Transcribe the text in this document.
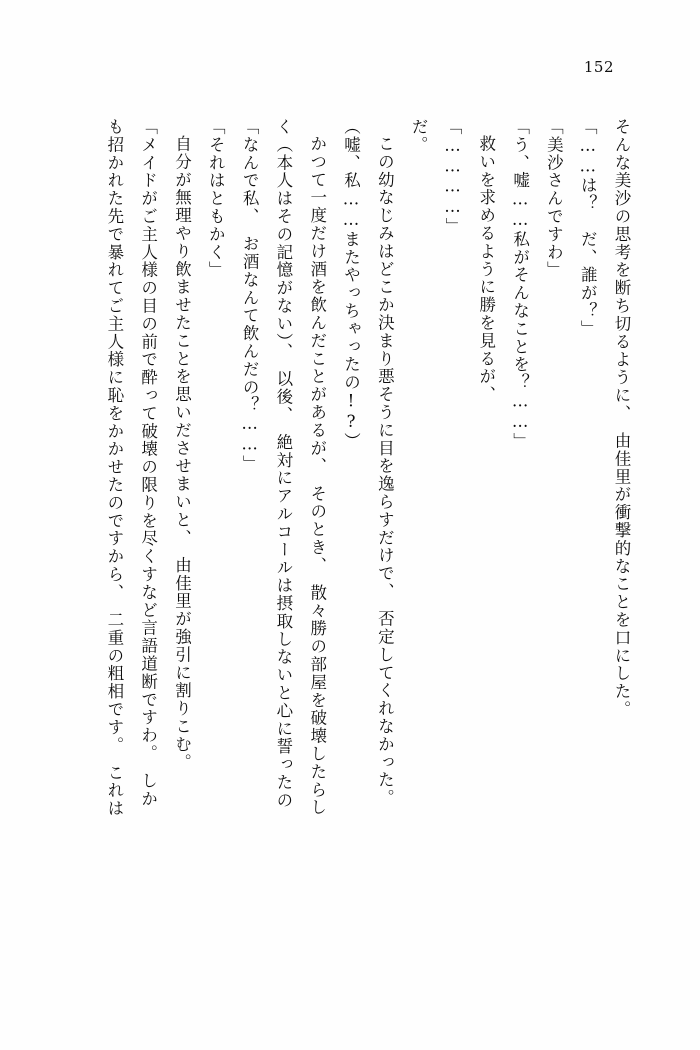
152
そんな美沙の思考を断ち切るように、　由佳里が衝撃的なことを口にした。
「……は？　だ、誰が？」
「美沙さんですわ」
「う、嘘……私がそんなことを？……」
救いを求めるように勝を見るが、
「…………」
だ。
この幼なじみはどこか決まり悪そうに目を逸らすだけで、　否定してくれなかった。
（嘘、私……またやっちゃったの!?）
かつて一度だけ酒を飲んだことがあるが、　そのとき、　散々勝の部屋を破壊したらし
く（本人はその記憶がない）、　以後、　絶対にアルコールは摂取しないと心に誓ったの
「なんで私、　お酒なんて飲んだの？……」
「それはともかく」
自分が無理やり飲ませたことを思いださせまいと、　由佳里が強引に割りこむ。
「メイドがご主人様の目の前で酔って破壊の限りを尽くすなど言語道断ですわ。　しか
も招かれた先で暴れてご主人様に恥をかかせたのですから、　二重の粗相です。　これは
